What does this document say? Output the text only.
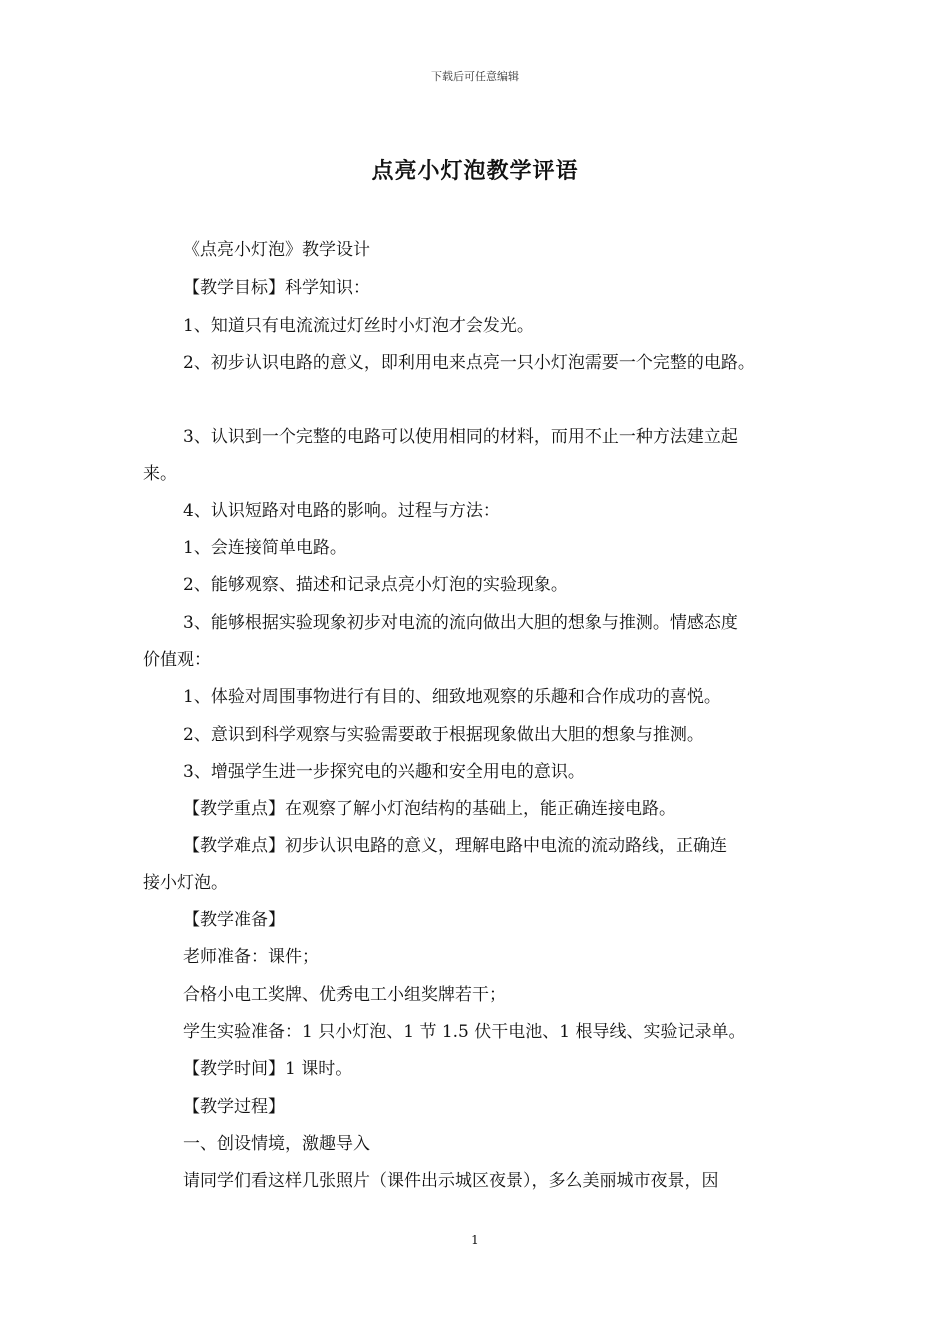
下载后可任意编辑
点亮小灯泡教学评语
《点亮小灯泡》教学设计
【教学目标】科学知识：
1、知道只有电流流过灯丝时小灯泡才会发光。
2、初步认识电路的意义，即利用电来点亮一只小灯泡需要一个完整的电路。
3、认识到一个完整的电路可以使用相同的材料，而用不止一种方法建立起
来。
4、认识短路对电路的影响。过程与方法：
1、会连接简单电路。
2、能够观察、描述和记录点亮小灯泡的实验现象。
3、能够根据实验现象初步对电流的流向做出大胆的想象与推测。情感态度
价值观：
1、体验对周围事物进行有目的、细致地观察的乐趣和合作成功的喜悦。
2、意识到科学观察与实验需要敢于根据现象做出大胆的想象与推测。
3、增强学生进一步探究电的兴趣和安全用电的意识。
【教学重点】在观察了解小灯泡结构的基础上，能正确连接电路。
【教学难点】初步认识电路的意义，理解电路中电流的流动路线，正确连
接小灯泡。
【教学准备】
老师准备：课件；
合格小电工奖牌、优秀电工小组奖牌若干；
学生实验准备：1 只小灯泡、1 节 1.5 伏干电池、1 根导线、实验记录单。
【教学时间】1 课时。
【教学过程】
一、创设情境，激趣导入
请同学们看这样几张照片（课件出示城区夜景），多么美丽城市夜景，因
1
